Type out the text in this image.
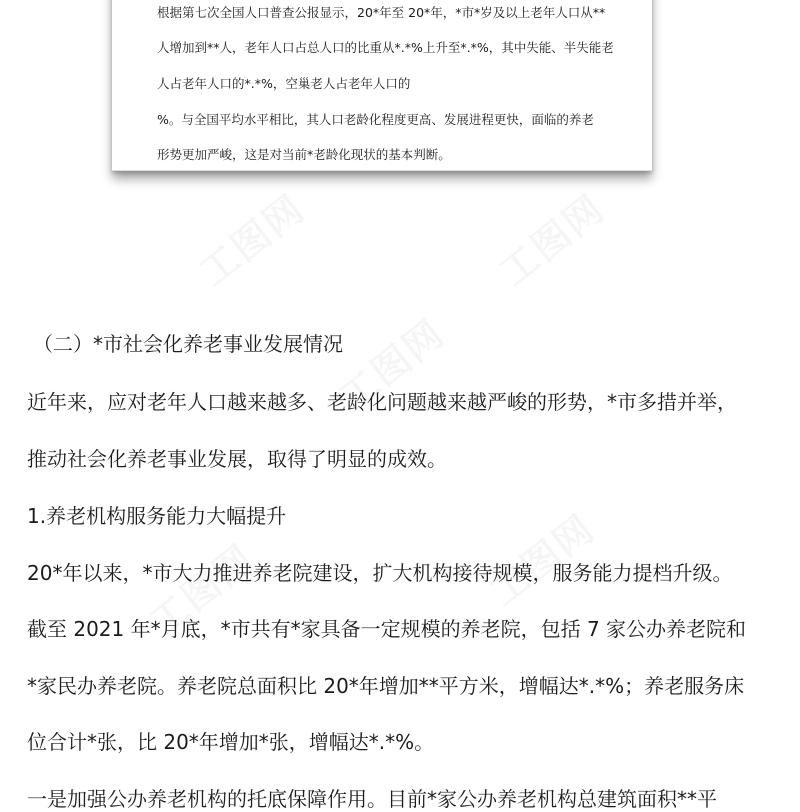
根据第七次全国人口普查公报显示，20*年至 20*年，*市*岁及以上老年人口从**
人增加到**人，老年人口占总人口的比重从*.*%上升至*.*%，其中失能、半失能老
人占老年人口的*.*%，空巢老人占老年人口的
%。与全国平均水平相比，其人口老龄化程度更高、发展进程更快，面临的养老
形势更加严峻，这是对当前*老龄化现状的基本判断。
（二）*市社会化养老事业发展情况
近年来，应对老年人口越来越多、老龄化问题越来越严峻的形势，*市多措并举，
推动社会化养老事业发展，取得了明显的成效。
1.养老机构服务能力大幅提升
20*年以来，*市大力推进养老院建设，扩大机构接待规模，服务能力提档升级。
截至 2021 年*月底，*市共有*家具备一定规模的养老院，包括 7 家公办养老院和
*家民办养老院。养老院总面积比 20*年增加**平方米，增幅达*.*%；养老服务床
位合计*张，比 20*年增加*张，增幅达*.*%。
一是加强公办养老机构的托底保障作用。目前*家公办养老机构总建筑面积**平
